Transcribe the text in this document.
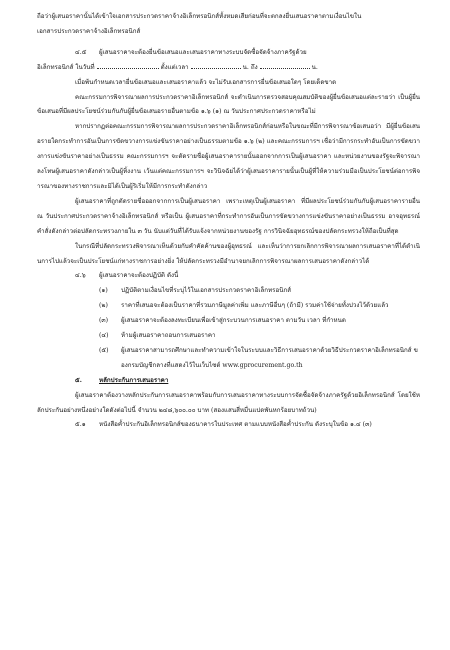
ถือว่าผู้เสนอราคานั้นได้เข้าใจเอกสารประกวดราคาจ้างอิเล็กทรอนิกส์ทั้งหมดเสียก่อนที่จะตกลงยื่นเสนอราคาตามเงื่อนไขใน

เอกสารประกวดราคาจ้างอิเล็กทรอนิกส์

๔.๕	ผู้เสนอราคาจะต้องยื่นข้อเสนอและเสนอราคาทางระบบจัดซื้อจัดจ้างภาครัฐด้วย

อิเล็กทรอนิกส์ ในวันที่	ตั้งแต่เวลา	น. ถึง	น.

เมื่อพ้นกำหนดเวลายื่นข้อเสนอและเสนอราคาแล้ว จะไม่รับเอกสารการยื่นข้อเสนอใดๆ โดยเด็ดขาด

คณะกรรมการพิจารณาผลการประกวดราคาอิเล็กทรอนิกส์ จะดำเนินการตรวจสอบคุณสมบัติของผู้ยื่นข้อเสนอแต่ละรายว่า เป็นผู้ยื่นข้อเสนอที่มีผลประโยชน์ร่วมกันกับผู้ยื่นข้อเสนอรายอื่นตามข้อ ๑.๖ (๑) ณ วันประกาศประกวดราคาหรือไม่

หากปรากฏต่อคณะกรรมการพิจารณาผลการประกวดราคาอิเล็กทรอนิกส์ก่อนหรือในขณะที่มีการพิจารณาข้อเสนอว่า มีผู้ยื่นข้อเสนอรายใดกระทำการอันเป็นการขัดขวางการแข่งขันราคาอย่างเป็นธรรมตามข้อ ๑.๖ (๒) และคณะกรรมการฯ เชื่อว่ามีการกระทำอันเป็นการขัดขวางการแข่งขันราคาอย่างเป็นธรรม คณะกรรมการฯ จะตัดรายชื่อผู้เสนอราคารายนั้นออกจากการเป็นผู้เสนอราคา และหน่วยงานของรัฐจะพิจารณาลงโทษผู้เสนอราคาดังกล่าวเป็นผู้ทิ้งงาน เว้นแต่คณะกรรมการฯ จะวินิจฉัยได้ว่าผู้เสนอราคารายนั้นเป็นผู้ที่ให้ความร่วมมือเป็นประโยชน์ต่อการพิจารณาของทางราชการและมิได้เป็นผู้ริเริ่มให้มีการกระทำดังกล่าว

ผู้เสนอราคาที่ถูกตัดรายชื่อออกจากการเป็นผู้เสนอราคา เพราะเหตุเป็นผู้เสนอราคา ที่มีผลประโยชน์ร่วมกันกับผู้เสนอราคารายอื่น ณ วันประกาศประกวดราคาจ้างอิเล็กทรอนิกส์ หรือเป็น ผู้เสนอราคาที่กระทำการอันเป็นการขัดขวางการแข่งขันราคาอย่างเป็นธรรม อาจอุทธรณ์คำสั่งดังกล่าวต่อปลัดกระทรวงภายใน ๓ วัน นับแต่วันที่ได้รับแจ้งจากหน่วยงานของรัฐ การวินิจฉัยอุทธรณ์ของปลัดกระทรวงให้ถือเป็นที่สุด

ในกรณีที่ปลัดกระทรวงพิจารณาเห็นด้วยกับคำคัดค้านของผู้อุทธรณ์ และเห็นว่าการยกเลิกการพิจารณาผลการเสนอราคาที่ได้ดำเนินการไปแล้วจะเป็นประโยชน์แก่ทางราชการอย่างยิ่ง ให้ปลัดกระทรวงมีอำนาจยกเลิกการพิจารณาผลการเสนอราคาดังกล่าวได้

๔.๖	ผู้เสนอราคาจะต้องปฏิบัติ ดังนี้
(๑)	ปฏิบัติตามเงื่อนไขที่ระบุไว้ในเอกสารประกวดราคาอิเล็กทรอนิกส์
(๒)	ราคาที่เสนอจะต้องเป็นราคาที่รวมภาษีมูลค่าเพิ่ม และภาษีอื่นๆ (ถ้ามี) รวมค่าใช้จ่ายทั้งปวงไว้ด้วยแล้ว
(๓)	ผู้เสนอราคาจะต้องลงทะเบียนเพื่อเข้าสู่กระบวนการเสนอราคา ตามวัน เวลา ที่กำหนด
(๔)	ห้ามผู้เสนอราคาถอนการเสนอราคา
(๕)	ผู้เสนอราคาสามารถศึกษาและทำความเข้าใจในระบบและวิธีการเสนอราคาด้วยวิธีประกวดราคาอิเล็กทรอนิกส์ ของกรมบัญชีกลางที่แสดงไว้ในเว็บไซต์ www.gprocurement.go.th
๕.	หลักประกันการเสนอราคา

ผู้เสนอราคาต้องวางหลักประกันการเสนอราคาพร้อมกับการเสนอราคาทางระบบการจัดซื้อจัดจ้างภาครัฐด้วยอิเล็กทรอนิกส์ โดยใช้หลักประกันอย่างหนึ่งอย่างใดดังต่อไปนี้ จำนวน ๒๔๘,๖๐๐.๐๐ บาท (สองแสนสี่หมื่นแปดพันหกร้อยบาทถ้วน)

๕.๑	หนังสือค้ำประกันอิเล็กทรอนิกส์ของธนาคารในประเทศ ตามแบบหนังสือค้ำประกัน ดังระบุในข้อ ๑.๔ (๓)
